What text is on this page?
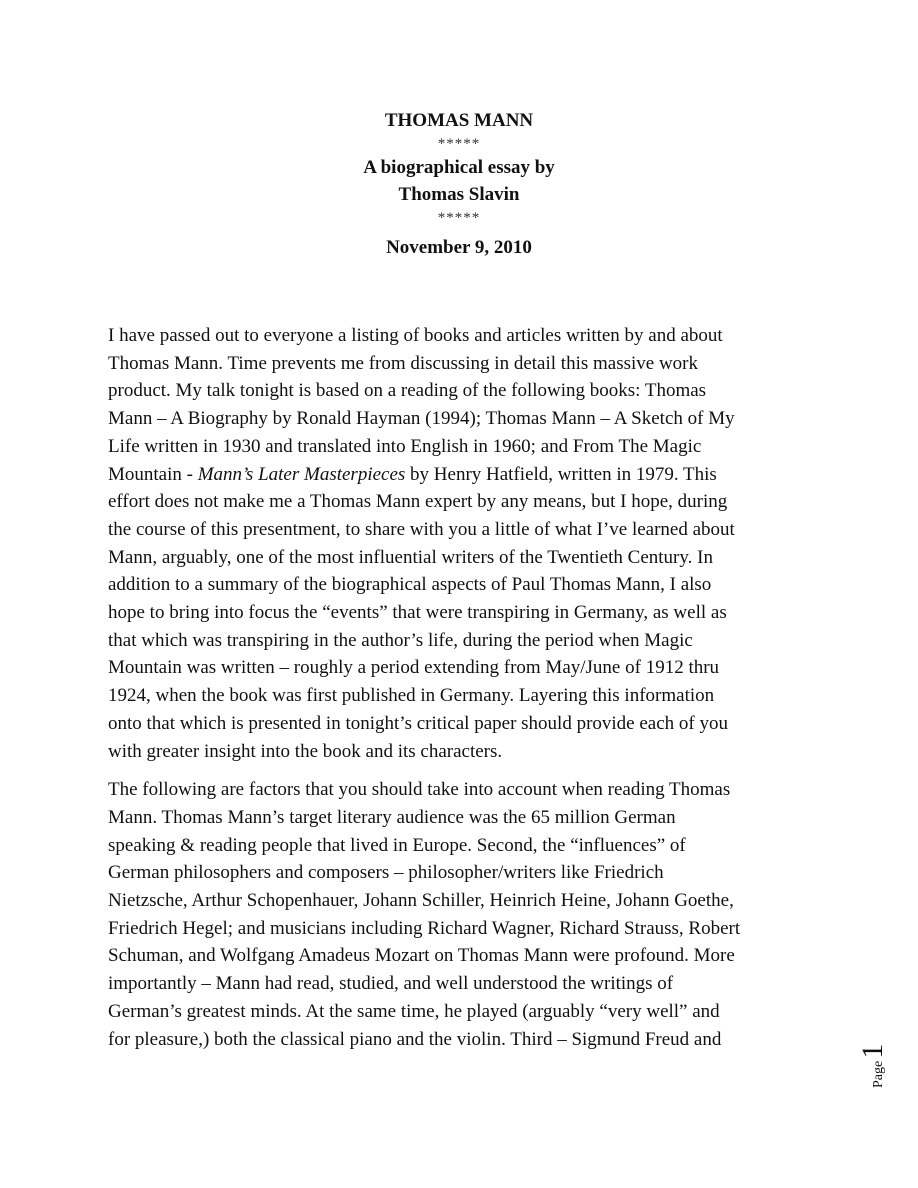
THOMAS MANN
*****
A biographical essay by
Thomas Slavin
*****
November 9, 2010

I have passed out to everyone a listing of books and articles written by and about
Thomas Mann. Time prevents me from discussing in detail this massive work
product. My talk tonight is based on a reading of the following books: Thomas
Mann – A Biography by Ronald Hayman (1994); Thomas Mann – A Sketch of My
Life written in 1930 and translated into English in 1960; and From The Magic
Mountain - Mann’s Later Masterpieces by Henry Hatfield, written in 1979. This
effort does not make me a Thomas Mann expert by any means, but I hope, during
the course of this presentment, to share with you a little of what I’ve learned about
Mann, arguably, one of the most influential writers of the Twentieth Century. In
addition to a summary of the biographical aspects of Paul Thomas Mann, I also
hope to bring into focus the “events” that were transpiring in Germany, as well as
that which was transpiring in the author’s life, during the period when Magic
Mountain was written – roughly a period extending from May/June of 1912 thru
1924, when the book was first published in Germany. Layering this information
onto that which is presented in tonight’s critical paper should provide each of you
with greater insight into the book and its characters.

The following are factors that you should take into account when reading Thomas
Mann. Thomas Mann’s target literary audience was the 65 million German
speaking & reading people that lived in Europe. Second, the “influences” of
German philosophers and composers – philosopher/writers like Friedrich
Nietzsche, Arthur Schopenhauer, Johann Schiller, Heinrich Heine, Johann Goethe,
Friedrich Hegel; and musicians including Richard Wagner, Richard Strauss, Robert
Schuman, and Wolfgang Amadeus Mozart on Thomas Mann were profound. More
importantly – Mann had read, studied, and well understood the writings of
German’s greatest minds. At the same time, he played (arguably “very well” and
for pleasure,) both the classical piano and the violin. Third – Sigmund Freud and

Page
1
